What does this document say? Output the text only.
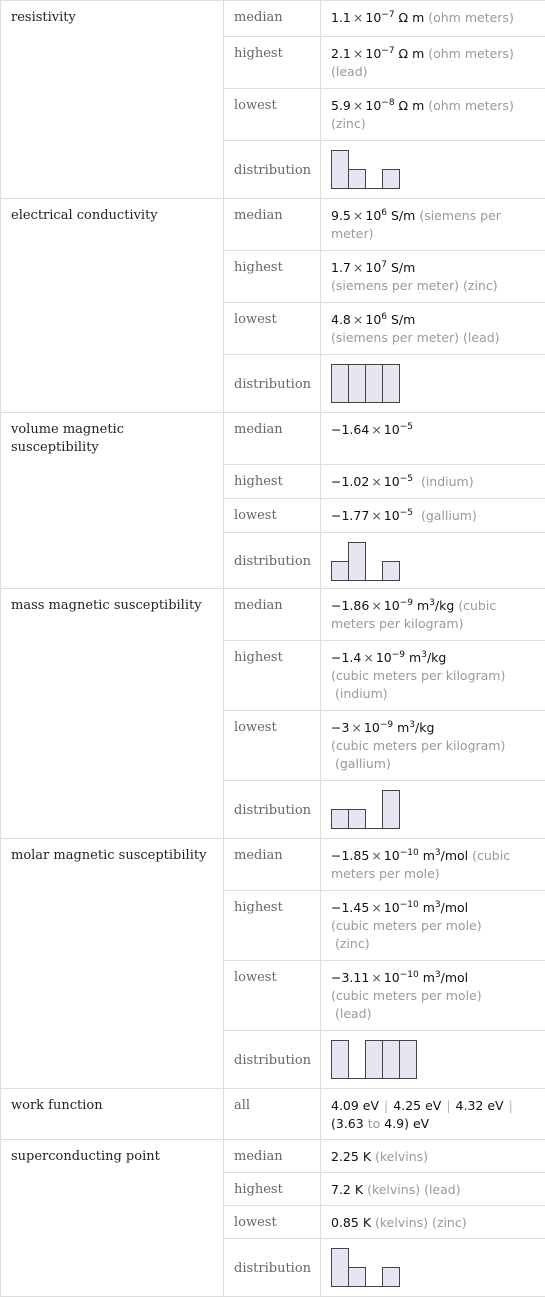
resistivity	median	$1.1 \times 10^{-7}$ Ω m (ohm meters)
	highest	$2.1 \times 10^{-7}$ Ω m (ohm meters) (lead)
	lowest	$5.9 \times 10^{-8}$ Ω m (ohm meters) (zinc)
	distribution	

electrical conductivity	median	$9.5 \times 10^6$ S/m (siemens per meter)
	highest	$1.7 \times 10^7$ S/m
(siemens per meter) (zinc)
	lowest	$4.8 \times 10^6$ S/m
(siemens per meter) (lead)
	distribution	

volume magnetic susceptibility	median	$-1.64 \times 10^{-5}$
	highest	$-1.02 \times 10^{-5}$ (indium)
	lowest	$-1.77 \times 10^{-5}$ (gallium)
	distribution	

mass magnetic susceptibility	median	$-1.86 \times 10^{-9}$ $m^3/kg$ (cubic meters per kilogram)
	highest	$-1.4 \times 10^{-9}$ $m^3/kg$
(cubic meters per kilogram)
(indium)
	lowest	$-3 \times 10^{-9}$ $m^3/kg$
(cubic meters per kilogram)
(gallium)
	distribution	

molar magnetic susceptibility	median	$-1.85 \times 10^{-10}$ $m^3$/mol (cubic meters per mole)
	highest	$-1.45 \times 10^{-10}$ $m^3$/mol
(cubic meters per mole)
(zinc)
	lowest	$-3.11 \times 10^{-10}$ $m^3$/mol
(cubic meters per mole)
(lead)
	distribution	

work function	all	4.09 eV | 4.25 eV | 4.32 eV |(3.63 to 4.9) eV
superconducting point	median	2.25 K (kelvins)
	highest	7.2 K (kelvins) (lead)
	lowest	0.85 K (kelvins) (zinc)
	distribution	
